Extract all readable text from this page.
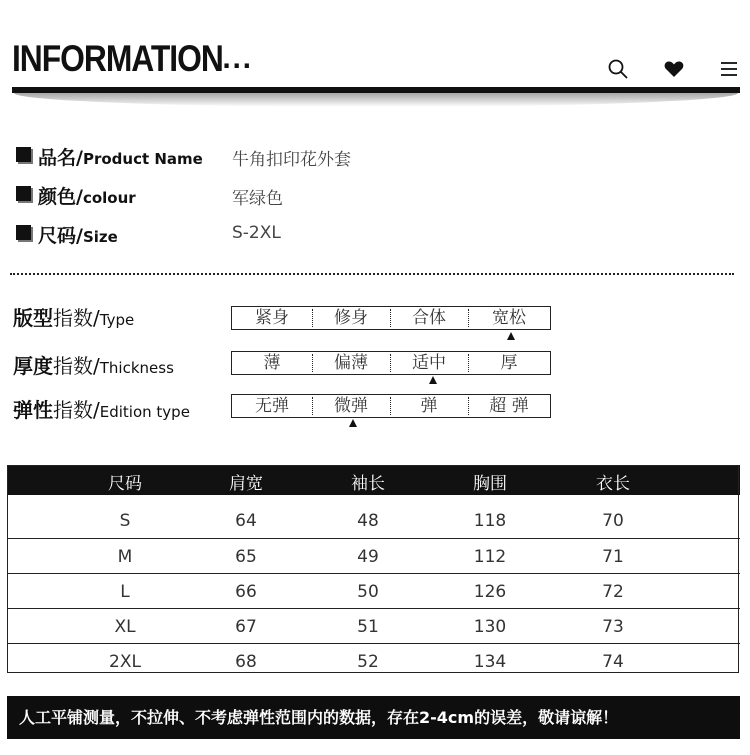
INFORMATION ...
品名/Product Name 牛角扣印花外套
颜色/colour	军绿色
尺码/Size	S-2XL
版型指数/Type	紧身	修身	合体	宽松
厚度指数/Thickness	薄	偏薄	适中	厚
弹性指数/Edition type	无弹	微弹	弹	超 弹
尺码	肩宽	袖长	胸围	衣长
S	64	48	118	70
M	65	49	112	71
L	66	50	126	72
XL	67	51	130	73
2XL	68	52	134	74
人工平铺测量，不拉伸、不考虑弹性范围内的数据，存在2-4cm的误差，敬请谅解！
